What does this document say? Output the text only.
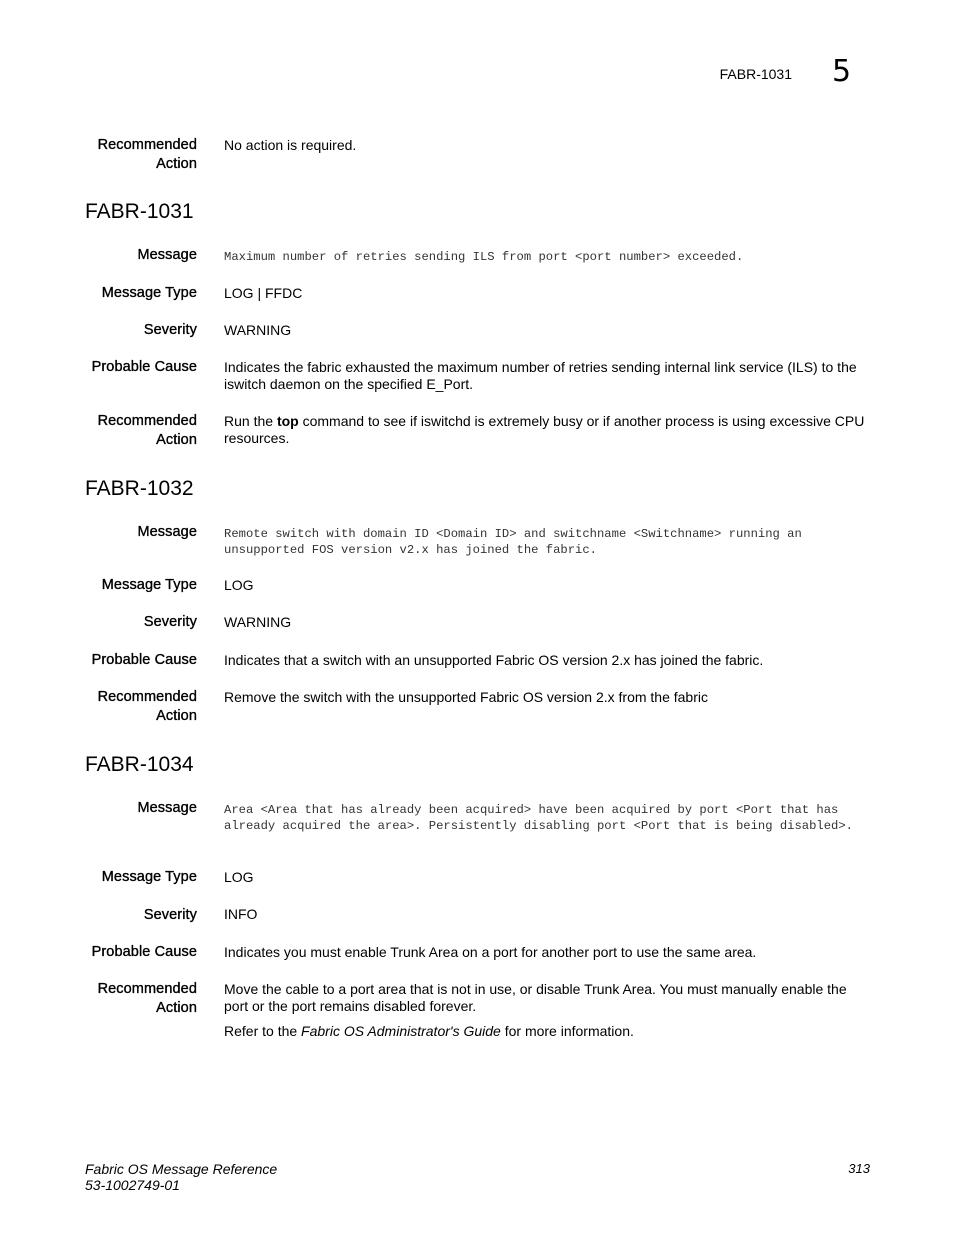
FABR-1031 5
Recommended
Action
No action is required.
FABR-1031
Message Maximum number of retries sending ILS from port <port number> exceeded.
Message Type LOG | FFDC
Severity WARNING
Probable Cause Indicates the fabric exhausted the maximum number of retries sending internal link service (ILS) to the iswitch daemon on the specified E_Port.
Recommended
Action
Run the top command to see if iswitchd is extremely busy or if another process is using excessive CPU resources.
FABR-1032
Message Remote switch with domain ID <Domain ID> and switchname <Switchname> running an unsupported FOS version v2.x has joined the fabric.
Message Type LOG
Severity WARNING
Probable Cause Indicates that a switch with an unsupported Fabric OS version 2.x has joined the fabric.
Recommended
Action
Remove the switch with the unsupported Fabric OS version 2.x from the fabric
FABR-1034
Message Area <Area that has already been acquired> have been acquired by port <Port that has already acquired the area>. Persistently disabling port <Port that is being disabled>.
Message Type LOG
Severity INFO
Probable Cause Indicates you must enable Trunk Area on a port for another port to use the same area.
Recommended
Action
Move the cable to a port area that is not in use, or disable Trunk Area. You must manually enable the port or the port remains disabled forever.
Refer to the Fabric OS Administrator's Guide for more information.
Fabric OS Message Reference
53-1002749-01
313
